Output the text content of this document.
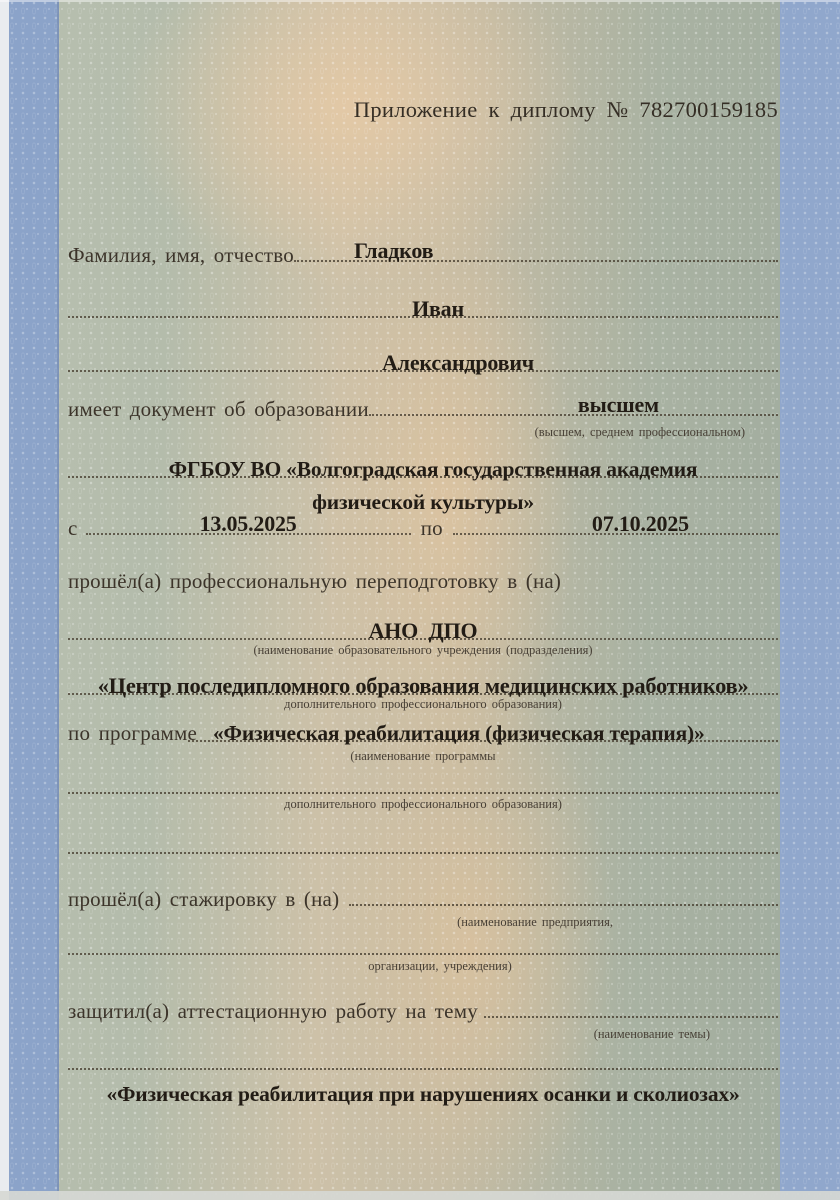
Приложение к диплому № 782700159185
Фамилия, имя, отчество	Гладков
Иван
Александрович
имеет документ об образовании	высшем
(высшем, среднем профессиональном)
ФГБОУ ВО «Волгоградская государственная академия
физической культуры»
с	13.05.2025	по	07.10.2025
прошёл(а) профессиональную переподготовку в (на)
АНО  ДПО
(наименование образовательного учреждения (подразделения)
«Центр последипломного образования медицинских работников»
дополнительного профессионального образования)
по программе «Физическая реабилитация (физическая терапия)»
(наименование программы
дополнительного профессионального образования)
прошёл(а) стажировку в (на)
(наименование предприятия,
организации, учреждения)
защитил(а) аттестационную работу на тему
(наименование темы)
«Физическая реабилитация при нарушениях осанки и сколиозах»
